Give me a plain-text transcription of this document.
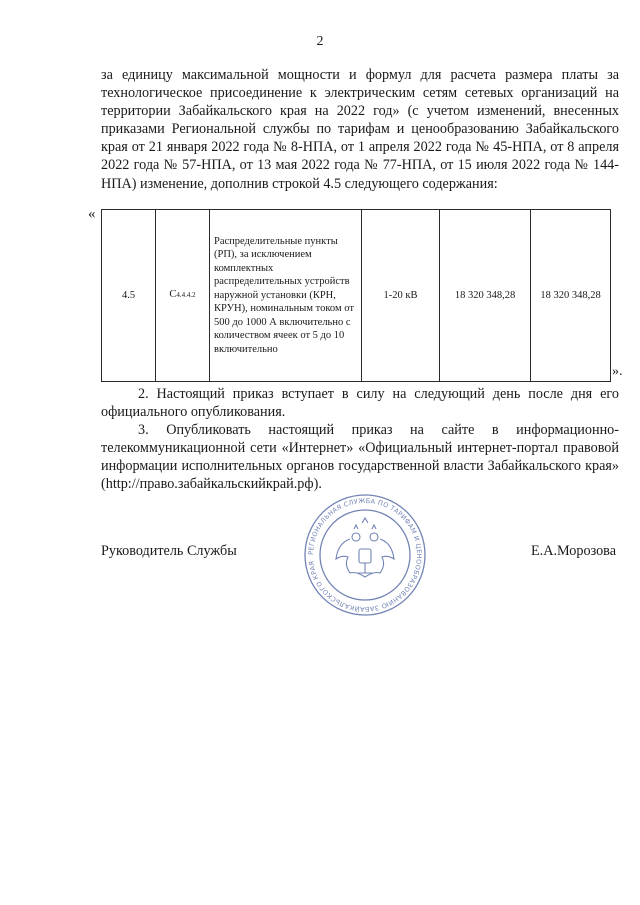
2
за единицу максимальной мощности и формул для расчета размера платы за технологическое присоединение к электрическим сетям сетевых организаций на территории Забайкальского края на 2022 год» (с учетом изменений, внесенных приказами Региональной службы по тарифам и ценообразованию Забайкальского края от 21 января 2022 года № 8-НПА, от 1 апреля 2022 года № 45-НПА, от 8 апреля 2022 года № 57-НПА, от 13 мая 2022 года № 77-НПА, от 15 июля 2022 года № 144-НПА) изменение, дополнив строкой 4.5 следующего содержания:
«
4.5	C4.4.4.2	Распределительные пункты (РП), за исключением комплектных распределительных устройств наружной установки (КРН, КРУН), номинальным током от 500 до 1000 А включительно с количеством ячеек от 5 до 10 включительно	1-20 кВ	18 320 348,28	18 320 348,28
».
2. Настоящий приказ вступает в силу на следующий день после дня его официального опубликования.
3. Опубликовать настоящий приказ на сайте в информационно-телекоммуникационной сети «Интернет» «Официальный интернет-портал правовой информации исполнительных органов государственной власти Забайкальского края» (http://право.забайкальскийкрай.рф).
РЕГИОНАЛЬНАЯ СЛУЖБА ПО ТАРИФАМ И ЦЕНООБРАЗОВАНИЮ ЗАБАЙКАЛЬСКОГО КРАЯ
Руководитель Службы	Е.А.Морозова
